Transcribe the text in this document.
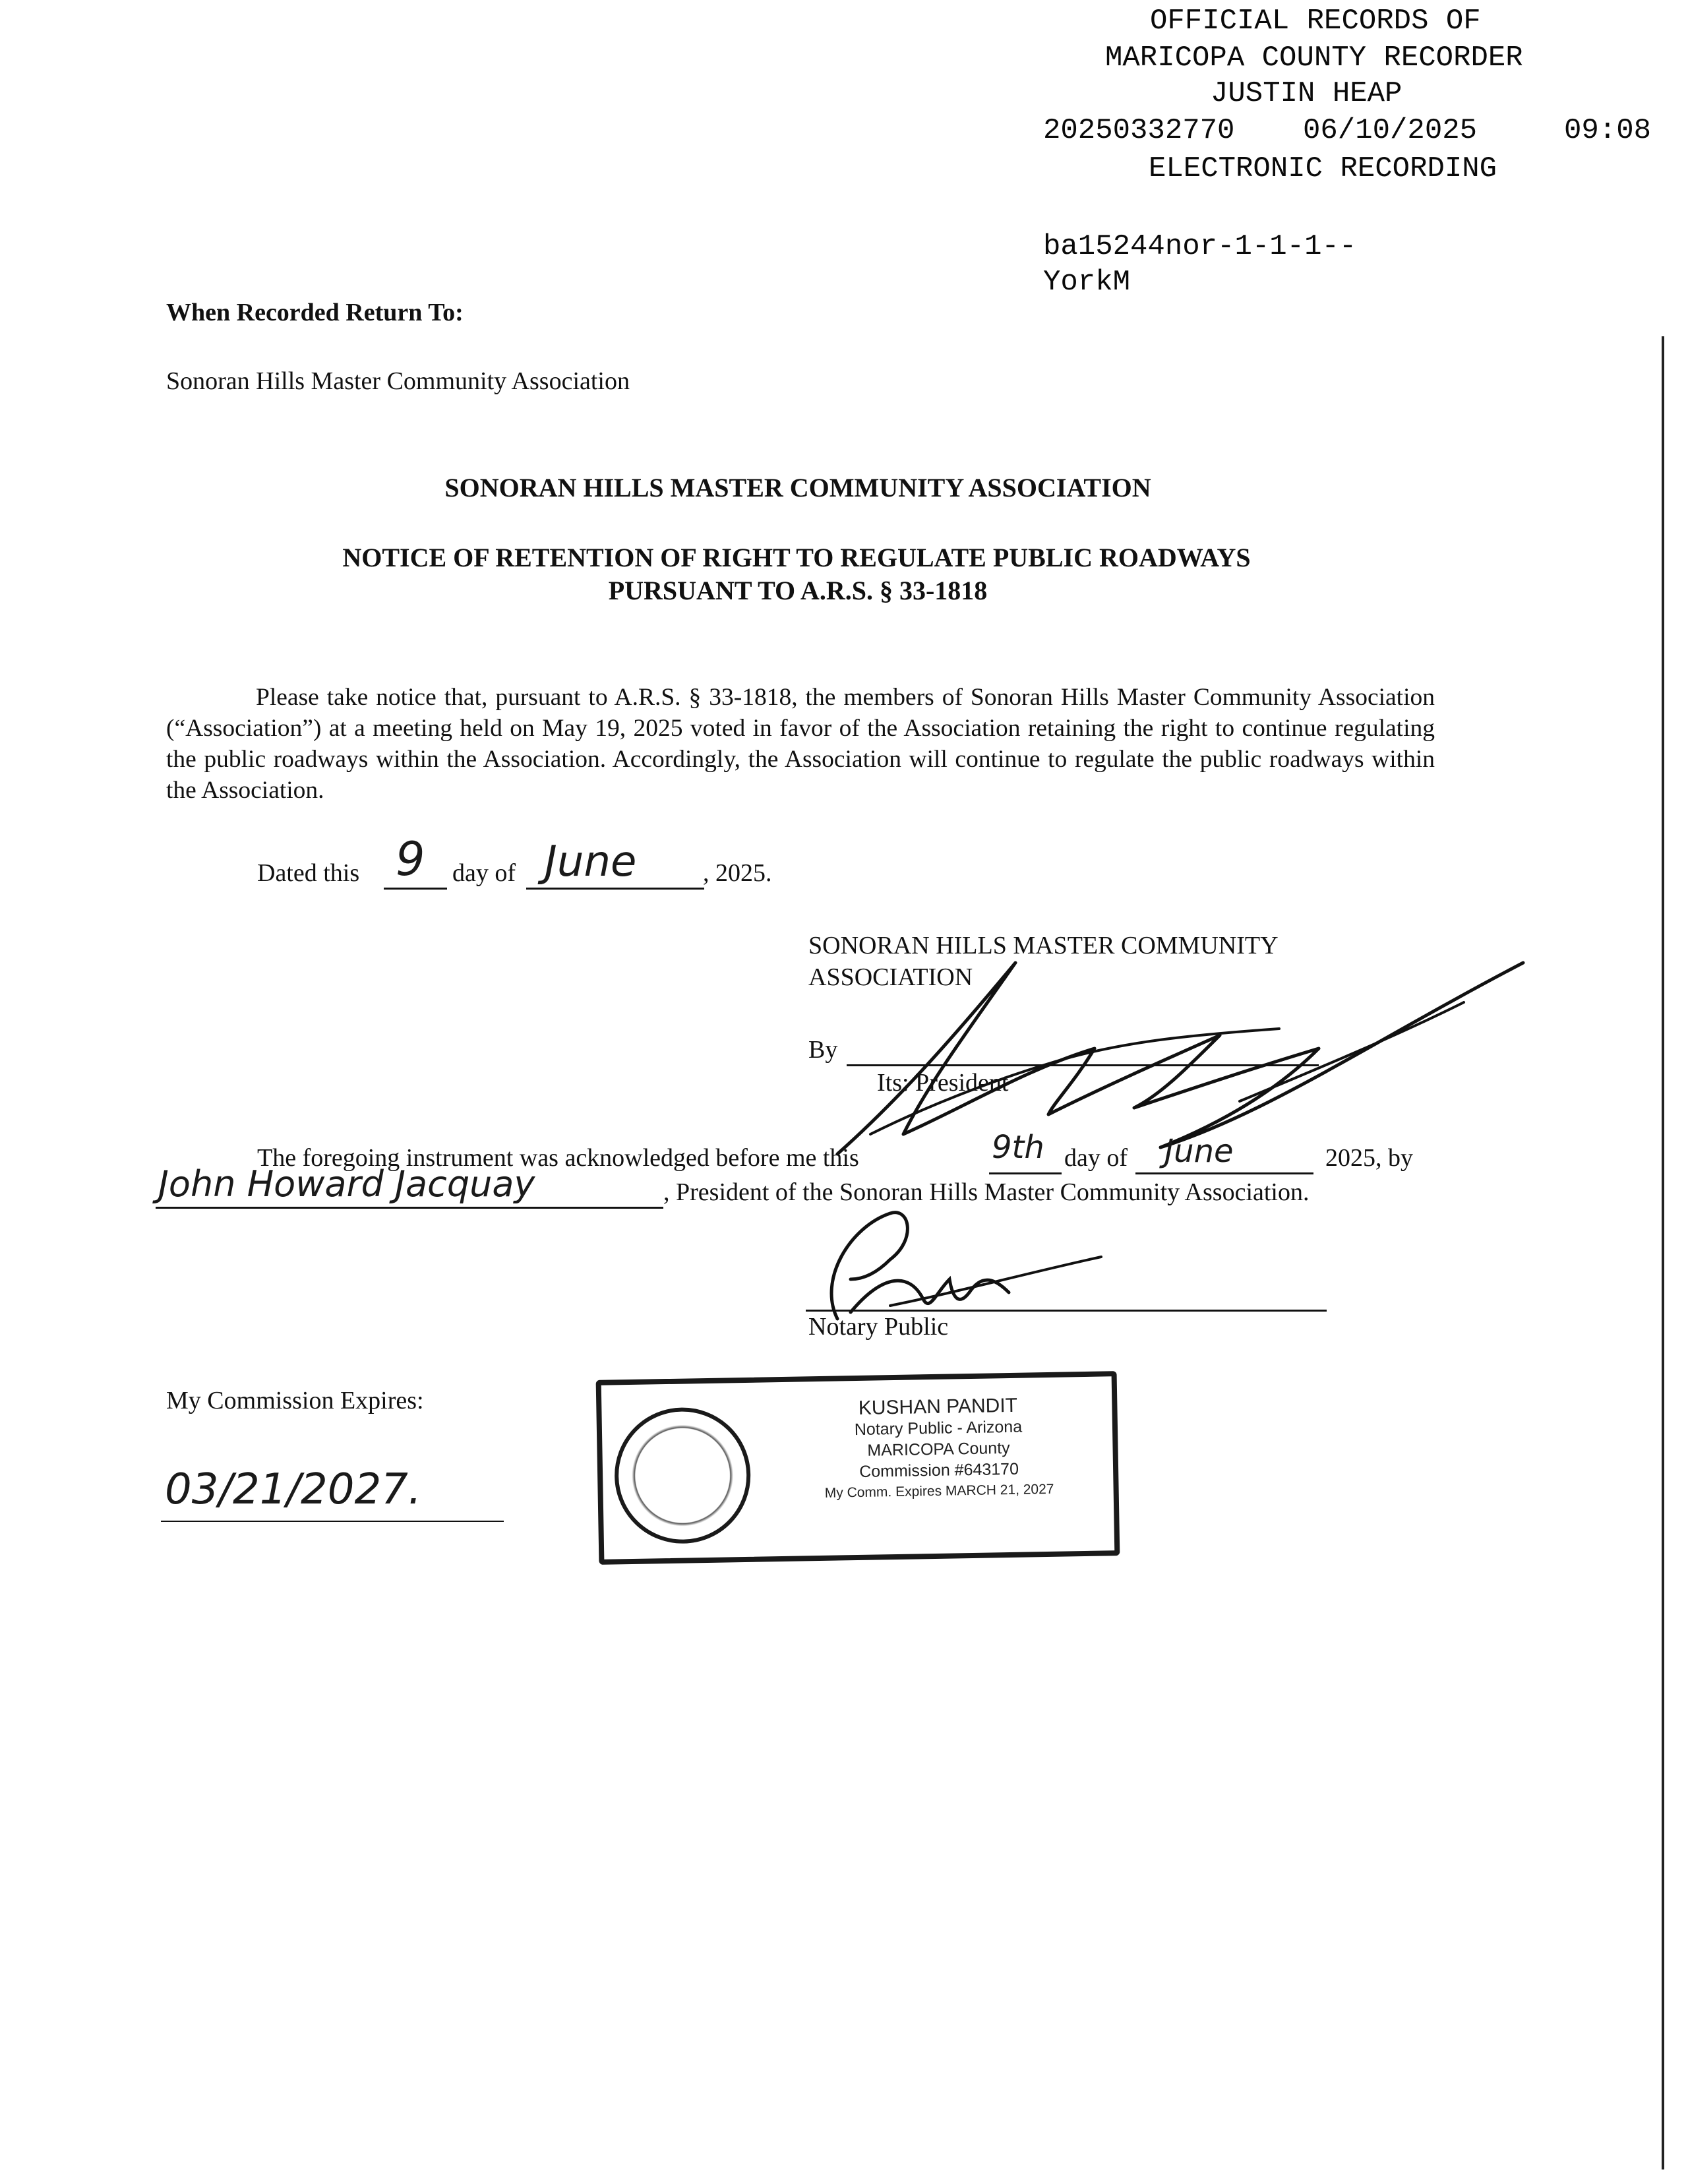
OFFICIAL RECORDS OF
MARICOPA COUNTY RECORDER
JUSTIN HEAP
20250332770 06/10/2025	09:08
ELECTRONIC RECORDING
ba15244nor-1-1-1--
YorkM
When Recorded Return To:
Sonoran Hills Master Community Association
SONORAN HILLS MASTER COMMUNITY ASSOCIATION
NOTICE OF RETENTION OF RIGHT TO REGULATE PUBLIC ROADWAYS
PURSUANT TO A.R.S. § 33-1818
Please take notice that, pursuant to A.R.S. § 33-1818, the members of Sonoran Hills Master Community Association (“Association”) at a meeting held on May 19, 2025 voted in favor of the Association retaining the right to continue regulating the public roadways within the Association. Accordingly, the Association will continue to regulate the public roadways within the Association.
Dated this 9 day of June	, 2025.
SONORAN HILLS MASTER COMMUNITY
ASSOCIATION
By
Its: President
The foregoing instrument was acknowledged before me this	9th day of June	2025, by
John Howard Jacquay	, President of the Sonoran Hills Master Community Association.
Notary Public
My Commission Expires:
03/21/2027.
KUSHAN PANDIT
Notary Public - Arizona
MARICOPA County
Commission #643170
My Comm. Expires MARCH 21, 2027
